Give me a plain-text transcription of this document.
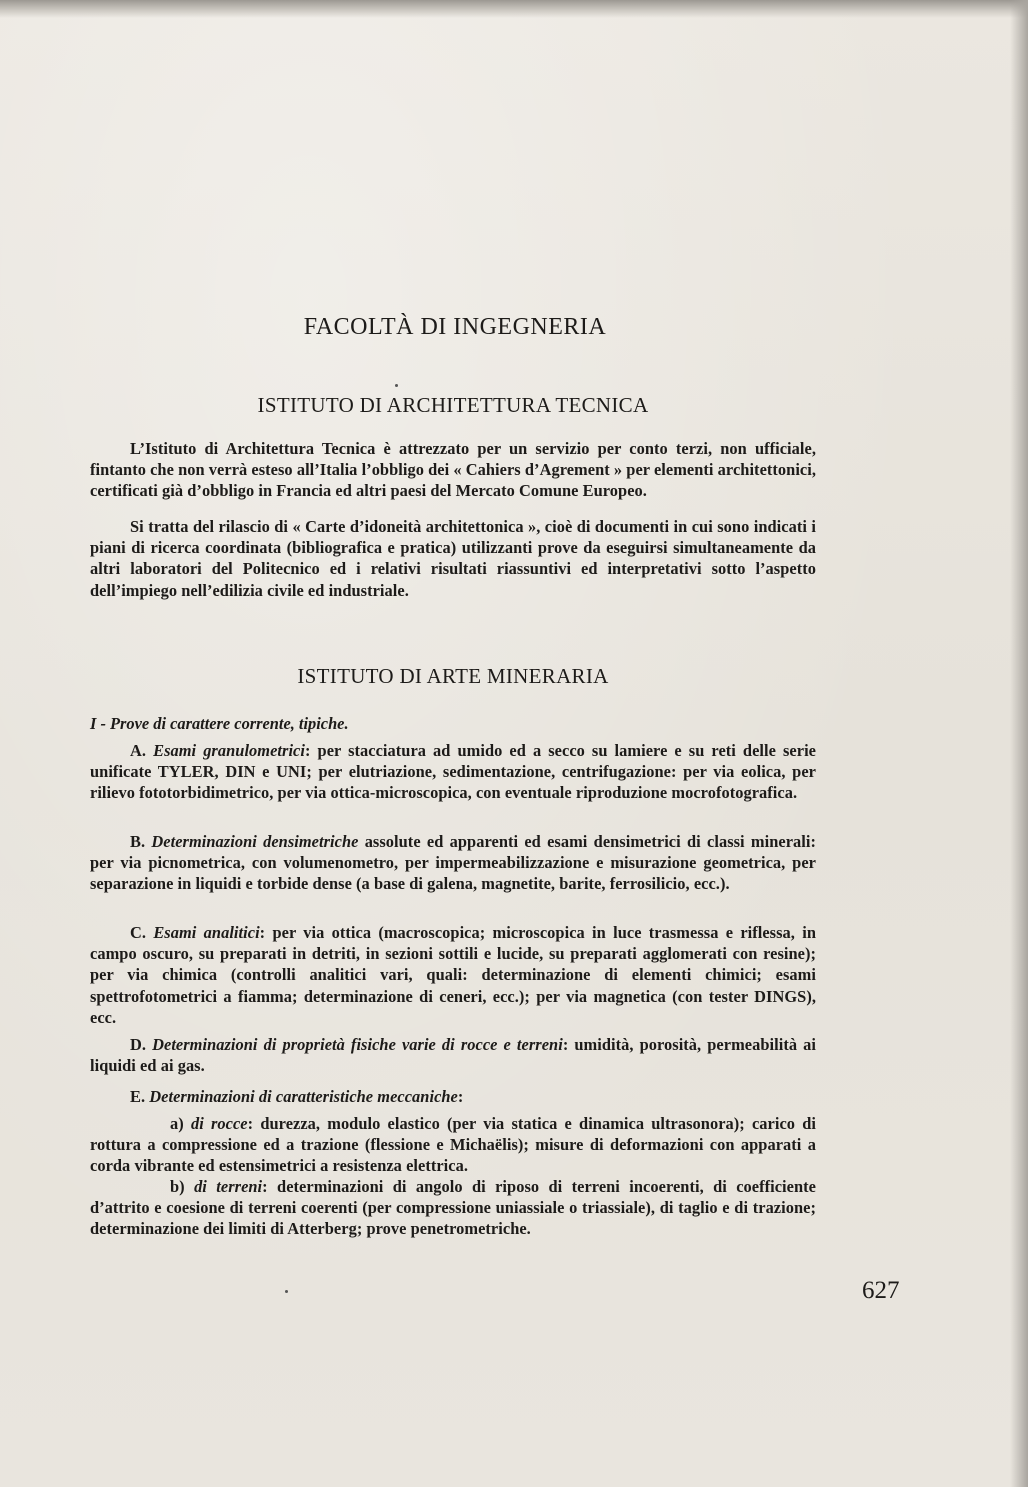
FACOLTÀ DI INGEGNERIA
ISTITUTO DI ARCHITETTURA TECNICA

L’Istituto di Architettura Tecnica è attrezzato per un servizio per conto terzi, non ufficiale, fintanto che non verrà esteso all’Italia l’obbligo dei « Cahiers d’Agrement » per elementi architettonici, certificati già d’obbligo in Francia ed altri paesi del Mercato Comune Europeo.

Si tratta del rilascio di « Carte d’idoneità architettonica », cioè di documenti in cui sono indicati i piani di ricerca coordinata (bibliografica e pratica) utilizzanti prove da eseguirsi simultaneamente da altri laboratori del Politecnico ed i relativi risultati riassuntivi ed interpretativi sotto l’aspetto dell’impiego nell’edilizia civile ed industriale.

ISTITUTO DI ARTE MINERARIA

I - Prove di carattere corrente, tipiche.

A. Esami granulometrici: per stacciatura ad umido ed a secco su lamiere e su reti delle serie unificate TYLER, DIN e UNI; per elutriazione, sedimentazione, centrifugazione: per via eolica, per rilievo fototorbidimetrico, per via ottica-microscopica, con eventuale riproduzione mocrofotografica.

B. Determinazioni densimetriche assolute ed apparenti ed esami densimetrici di classi minerali: per via picnometrica, con volumenometro, per impermeabilizzazione e misurazione geometrica, per separazione in liquidi e torbide dense (a base di galena, magnetite, barite, ferrosilicio, ecc.).

C. Esami analitici: per via ottica (macroscopica; microscopica in luce trasmessa e riflessa, in campo oscuro, su preparati in detriti, in sezioni sottili e lucide, su preparati agglomerati con resine); per via chimica (controlli analitici vari, quali: determinazione di elementi chimici; esami spettrofotometrici a fiamma; determinazione di ceneri, ecc.); per via magnetica (con tester DINGS), ecc.

D. Determinazioni di proprietà fisiche varie di rocce e terreni: umidità, porosità, permeabilità ai liquidi ed ai gas.

E. Determinazioni di caratteristiche meccaniche:

a) di rocce: durezza, modulo elastico (per via statica e dinamica ultrasonora); carico di rottura a compressione ed a trazione (flessione e Michaëlis); misure di deformazioni con apparati a corda vibrante ed estensimetrici a resistenza elettrica.

b) di terreni: determinazioni di angolo di riposo di terreni incoerenti, di coefficiente d’attrito e coesione di terreni coerenti (per compressione uniassiale o triassiale), di taglio e di trazione; determinazione dei limiti di Atterberg; prove penetrometriche.

627
